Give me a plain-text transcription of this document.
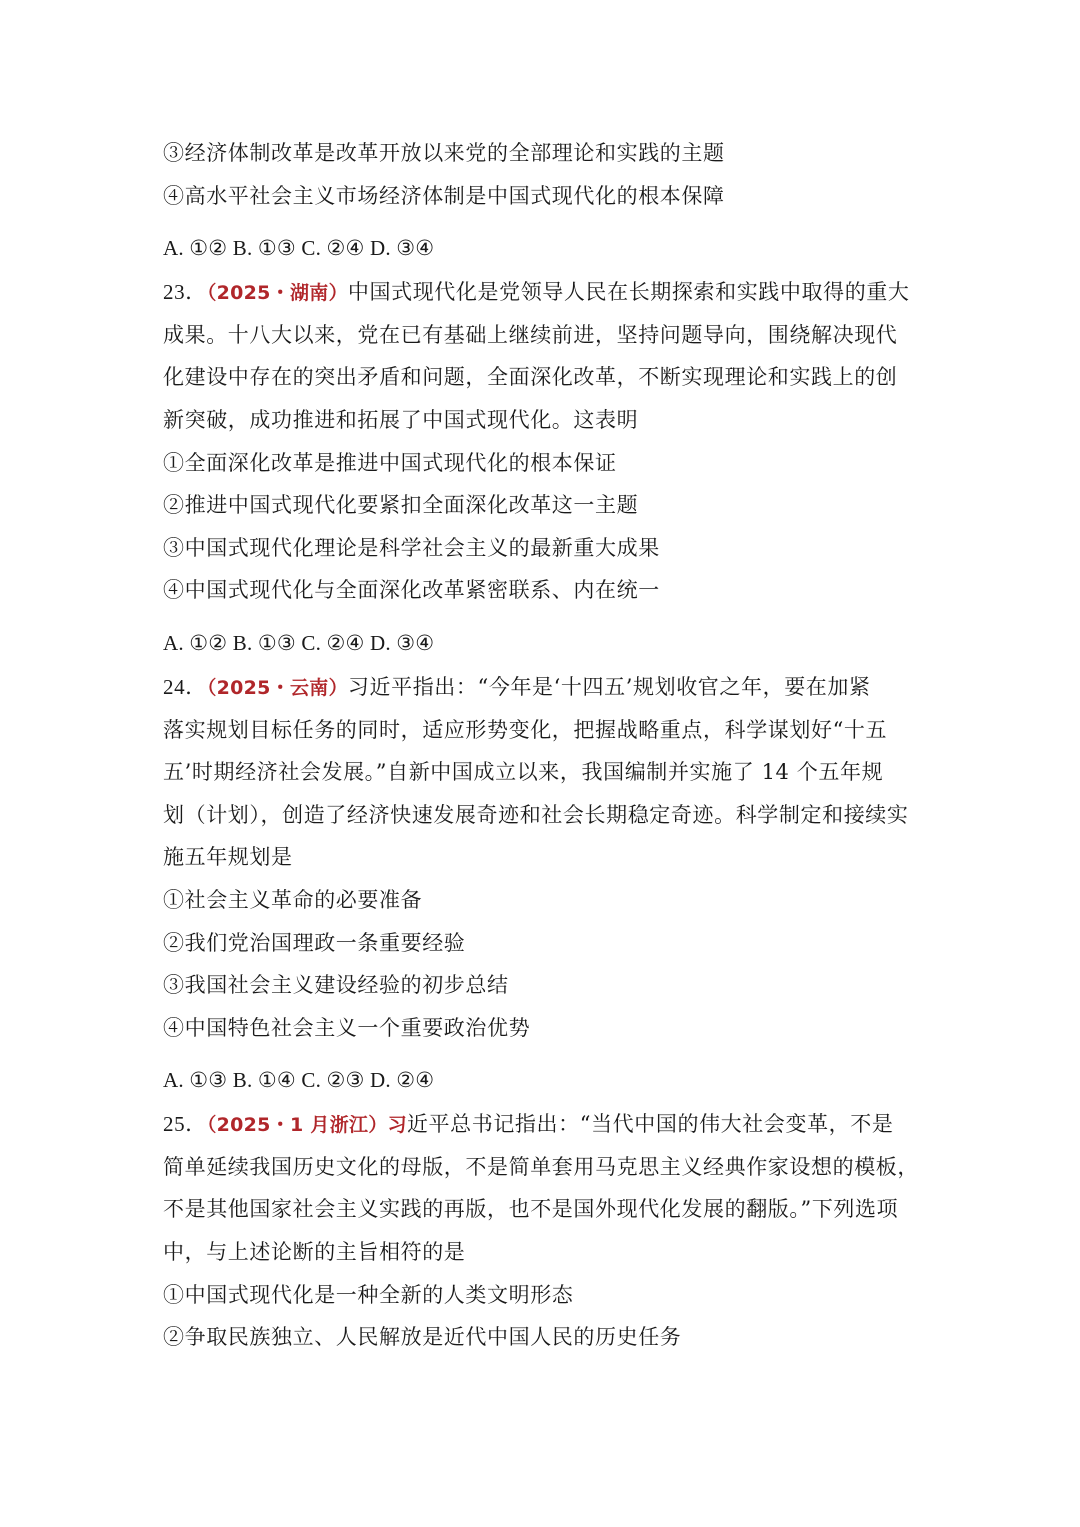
③经济体制改革是改革开放以来党的全部理论和实践的主题
④高水平社会主义市场经济体制是中国式现代化的根本保障
A. ①② B. ①③ C. ②④ D. ③④
23．（2025・湖南）中国式现代化是党领导人民在长期探索和实践中取得的重大
成果。十八大以来，党在已有基础上继续前进，坚持问题导向，围绕解决现代
化建设中存在的突出矛盾和问题，全面深化改革，不断实现理论和实践上的创
新突破，成功推进和拓展了中国式现代化。这表明
①全面深化改革是推进中国式现代化的根本保证
②推进中国式现代化要紧扣全面深化改革这一主题
③中国式现代化理论是科学社会主义的最新重大成果
④中国式现代化与全面深化改革紧密联系、内在统一
A. ①② B. ①③ C. ②④ D. ③④
24．（2025・云南）习近平指出：“今年是‘十四五’规划收官之年，要在加紧
落实规划目标任务的同时，适应形势变化，把握战略重点，科学谋划好“十五
五’时期经济社会发展。”自新中国成立以来，我国编制并实施了 14 个五年规
划（计划），创造了经济快速发展奇迹和社会长期稳定奇迹。科学制定和接续实
施五年规划是
①社会主义革命的必要准备
②我们党治国理政一条重要经验
③我国社会主义建设经验的初步总结
④中国特色社会主义一个重要政治优势
A. ①③ B. ①④ C. ②③ D. ②④
25．（2025・1 月浙江）习近平总书记指出：“当代中国的伟大社会变革，不是
简单延续我国历史文化的母版，不是简单套用马克思主义经典作家设想的模板，
不是其他国家社会主义实践的再版，也不是国外现代化发展的翻版。”下列选项
中，与上述论断的主旨相符的是
①中国式现代化是一种全新的人类文明形态
②争取民族独立、人民解放是近代中国人民的历史任务
